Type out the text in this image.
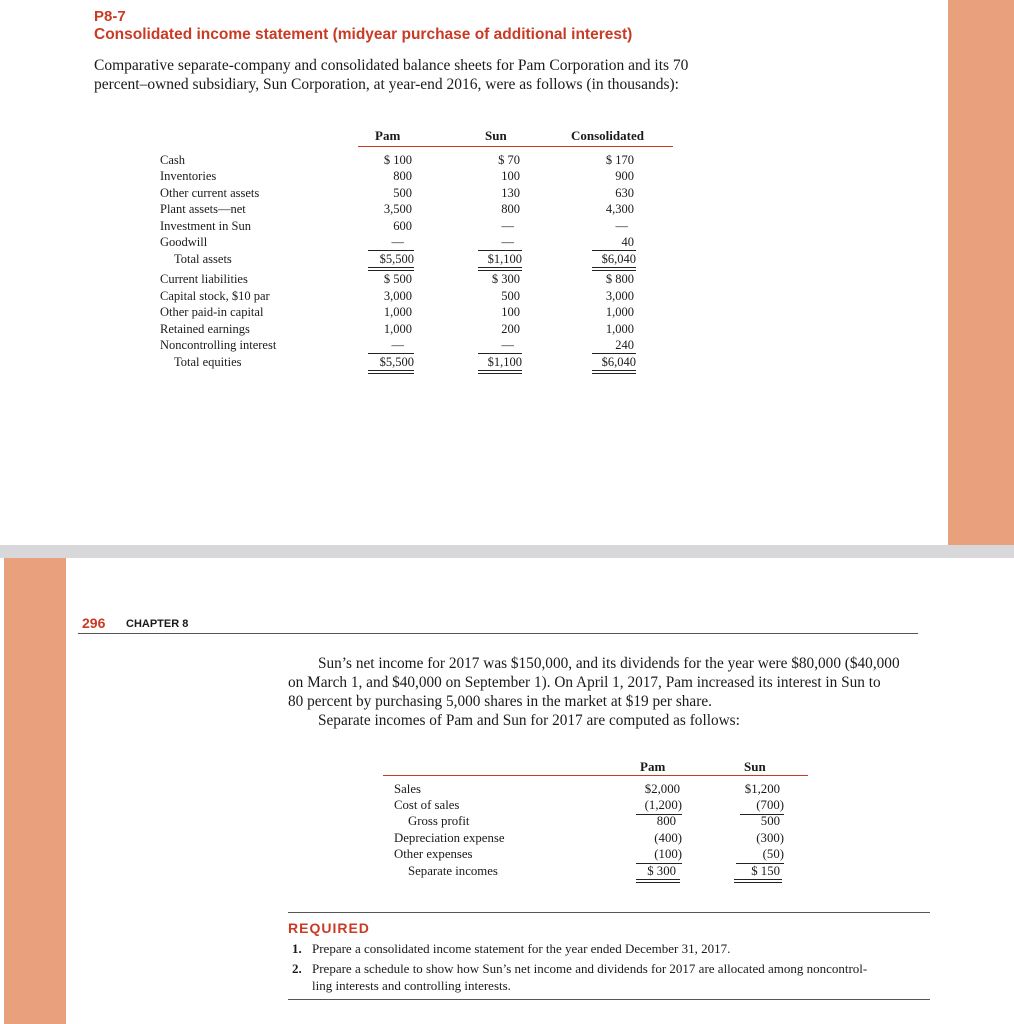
P8-7
Consolidated income statement (midyear purchase of additional interest)
Comparative separate-company and consolidated balance sheets for Pam Corporation and its 70
percent–owned subsidiary, Sun Corporation, at year-end 2016, were as follows (in thousands):
Pam	Sun	Consolidated
Cash	$ 100	$ 70	$ 170
Inventories	800	100	900
Other current assets	500	130	630
Plant assets—net	3,500	800	4,300
Investment in Sun	600	—	—
Goodwill	—	—	40
Total assets	$5,500	$1,100	$6,040
Current liabilities	$ 500	$ 300	$ 800
Capital stock, $10 par	3,000	500	3,000
Other paid-in capital	1,000	100	1,000
Retained earnings	1,000	200	1,000
Noncontrolling interest	—	—	240
Total equities	$5,500	$1,100	$6,040
296 CHAPTER 8
Sun’s net income for 2017 was $150,000, and its dividends for the year were $80,000 ($40,000
on March 1, and $40,000 on September 1). On April 1, 2017, Pam increased its interest in Sun to
80 percent by purchasing 5,000 shares in the market at $19 per share.
Separate incomes of Pam and Sun for 2017 are computed as follows:
Pam	Sun
Sales	$2,000	$1,200
Cost of sales	(1,200)	(700)
Gross profit	800	500
Depreciation expense	(400)	(300)
Other expenses	(100)	(50)
Separate incomes	$ 300	$ 150
REQUIRED
1. Prepare a consolidated income statement for the year ended December 31, 2017.
2. Prepare a schedule to show how Sun’s net income and dividends for 2017 are allocated among noncontrol-
ling interests and controlling interests.
